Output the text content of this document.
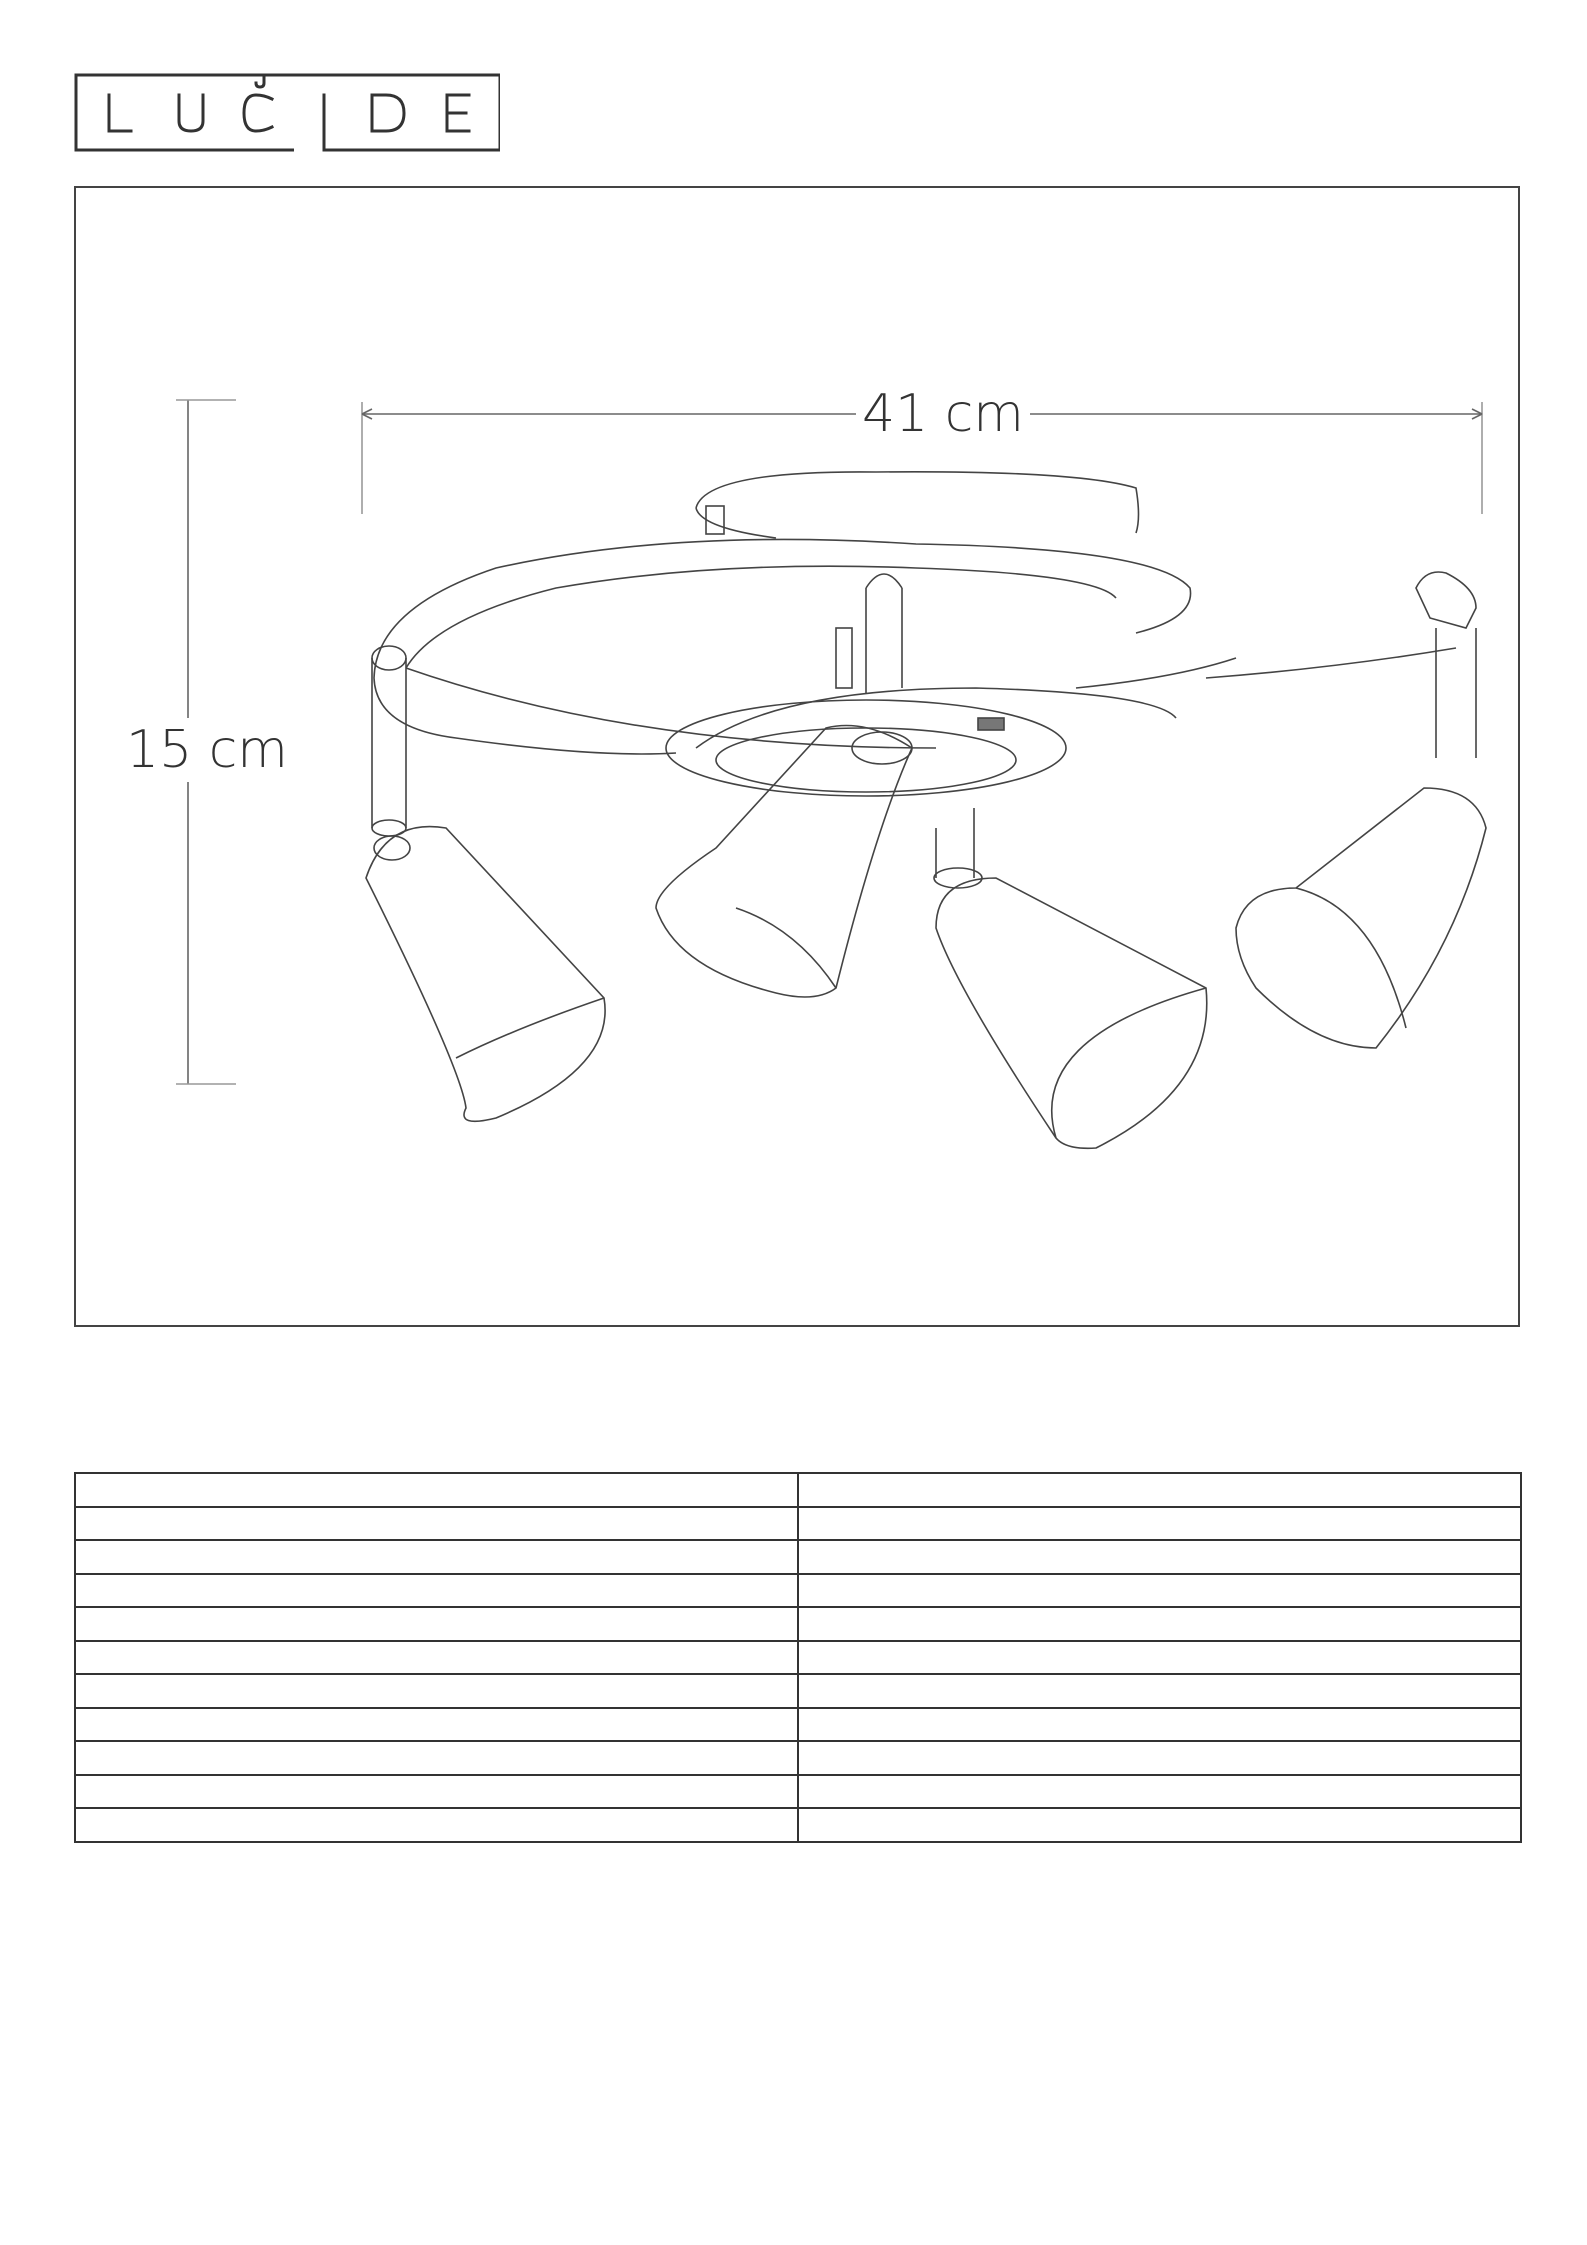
41 cm
15 cm
